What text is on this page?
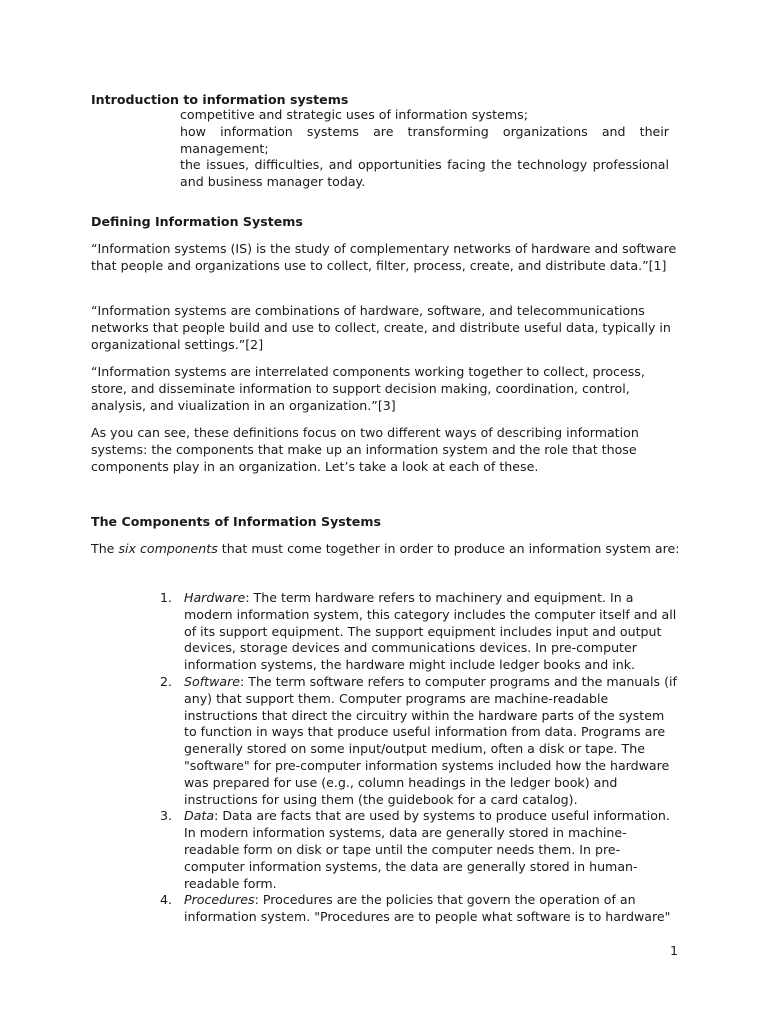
Introduction to information systems
competitive and strategic uses of information systems;
how information systems are transforming organizations and their management;
the issues, difficulties, and opportunities facing the technology professional and business manager today.
Defining Information Systems

“Information systems (IS) is the study of complementary networks of hardware and software that people and organizations use to collect, filter, process, create, and distribute data.”[1]

“Information systems are combinations of hardware, software, and telecommunications networks that people build and use to collect, create, and distribute useful data, typically in organizational settings.”[2]

“Information systems are interrelated components working together to collect, process, store, and disseminate information to support decision making, coordination, control, analysis, and viualization in an organization.”[3]

As you can see, these definitions focus on two different ways of describing information systems: the components that make up an information system and the role that those components play in an organization. Let’s take a look at each of these.

The Components of Information Systems

The six components that must come together in order to produce an information system are:

1. Hardware: The term hardware refers to machinery and equipment. In a modern information system, this category includes the computer itself and all of its support equipment. The support equipment includes input and output devices, storage devices and communications devices. In pre-computer information systems, the hardware might include ledger books and ink.
2. Software: The term software refers to computer programs and the manuals (if any) that support them. Computer programs are machine-readable instructions that direct the circuitry within the hardware parts of the system to function in ways that produce useful information from data. Programs are generally stored on some input/output medium, often a disk or tape. The "software" for pre-computer information systems included how the hardware was prepared for use (e.g., column headings in the ledger book) and instructions for using them (the guidebook for a card catalog).
3. Data: Data are facts that are used by systems to produce useful information. In modern information systems, data are generally stored in machine-readable form on disk or tape until the computer needs them. In pre-computer information systems, the data are generally stored in human-readable form.
4. Procedures: Procedures are the policies that govern the operation of an information system. "Procedures are to people what software is to hardware"
1
